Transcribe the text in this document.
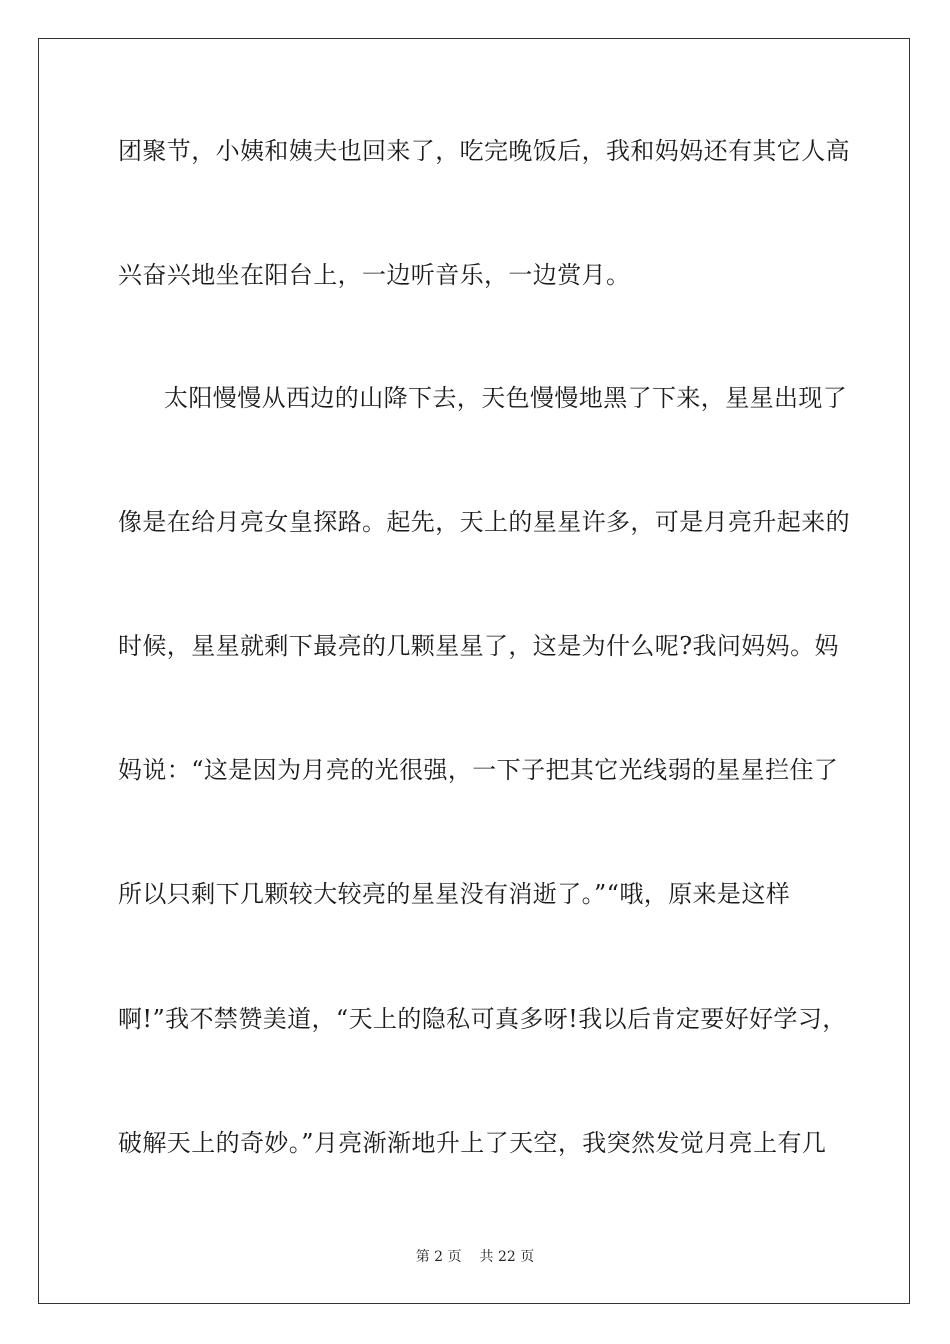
团聚节，小姨和姨夫也回来了，吃完晚饭后，我和妈妈还有其它人高
兴奋兴地坐在阳台上，一边听音乐，一边赏月。
太阳慢慢从西边的山降下去，天色慢慢地黑了下来，星星出现了
像是在给月亮女皇探路。起先，天上的星星许多，可是月亮升起来的
时候，星星就剩下最亮的几颗星星了，这是为什么呢?我问妈妈。妈
妈说：“这是因为月亮的光很强，一下子把其它光线弱的星星拦住了
所以只剩下几颗较大较亮的星星没有消逝了。”“哦，原来是这样
啊!”我不禁赞美道，“天上的隐私可真多呀!我以后肯定要好好学习，
破解天上的奇妙。”月亮渐渐地升上了天空，我突然发觉月亮上有几
第 2 页 共 22 页
